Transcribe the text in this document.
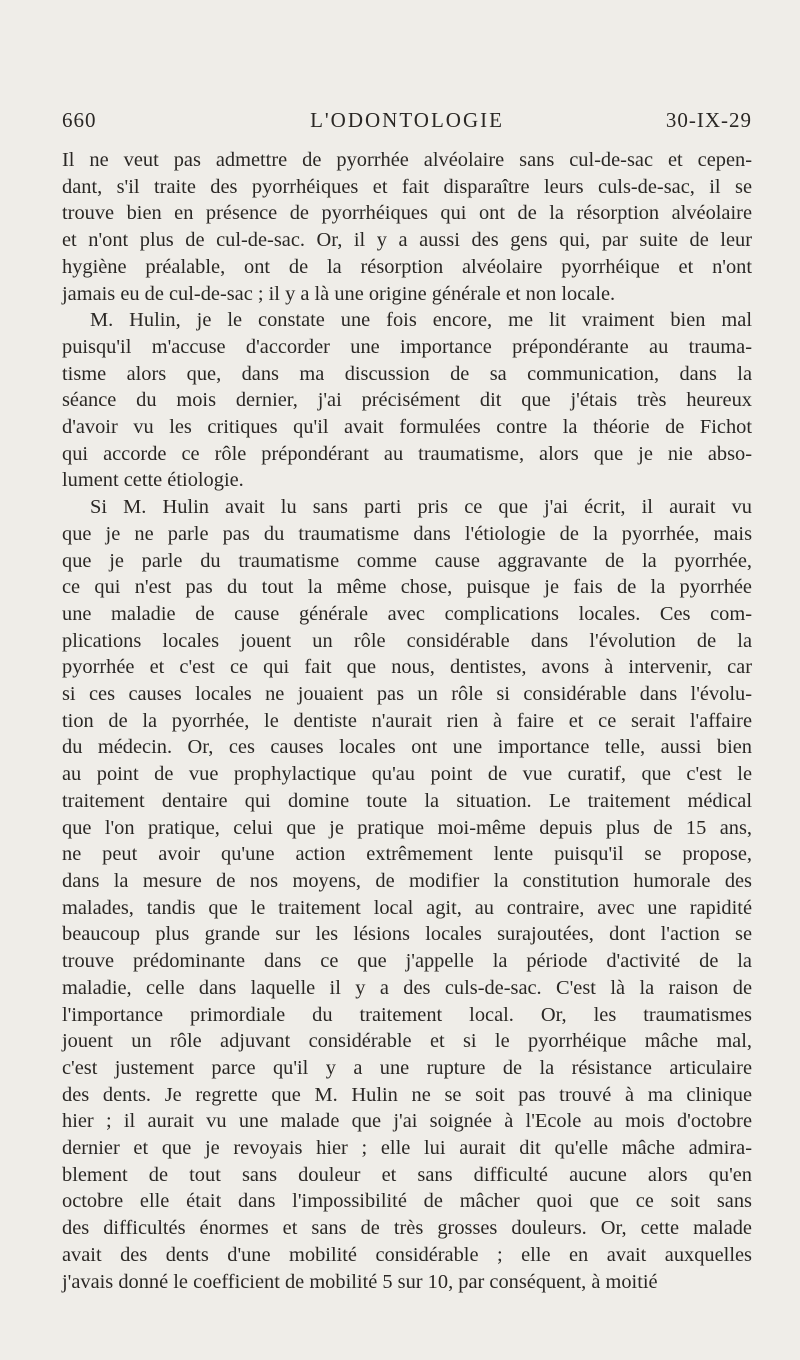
660	L'ODONTOLOGIE	30-IX-29

Il ne veut pas admettre de pyorrhée alvéolaire sans cul-de-sac et cepen-
dant, s'il traite des pyorrhéiques et fait disparaître leurs culs-de-sac, il se
trouve bien en présence de pyorrhéiques qui ont de la résorption alvéolaire
et n'ont plus de cul-de-sac. Or, il y a aussi des gens qui, par suite de leur
hygiène préalable, ont de la résorption alvéolaire pyorrhéique et n'ont
jamais eu de cul-de-sac ; il y a là une origine générale et non locale.

M. Hulin, je le constate une fois encore, me lit vraiment bien mal
puisqu'il m'accuse d'accorder une importance prépondérante au trauma-
tisme alors que, dans ma discussion de sa communication, dans la
séance du mois dernier, j'ai précisément dit que j'étais très heureux
d'avoir vu les critiques qu'il avait formulées contre la théorie de Fichot
qui accorde ce rôle prépondérant au traumatisme, alors que je nie abso-
lument cette étiologie.

Si M. Hulin avait lu sans parti pris ce que j'ai écrit, il aurait vu
que je ne parle pas du traumatisme dans l'étiologie de la pyorrhée, mais
que je parle du traumatisme comme cause aggravante de la pyorrhée,
ce qui n'est pas du tout la même chose, puisque je fais de la pyorrhée
une maladie de cause générale avec complications locales. Ces com-
plications locales jouent un rôle considérable dans l'évolution de la
pyorrhée et c'est ce qui fait que nous, dentistes, avons à intervenir, car
si ces causes locales ne jouaient pas un rôle si considérable dans l'évolu-
tion de la pyorrhée, le dentiste n'aurait rien à faire et ce serait l'affaire
du médecin. Or, ces causes locales ont une importance telle, aussi bien
au point de vue prophylactique qu'au point de vue curatif, que c'est le
traitement dentaire qui domine toute la situation. Le traitement médical
que l'on pratique, celui que je pratique moi-même depuis plus de 15 ans,
ne peut avoir qu'une action extrêmement lente puisqu'il se propose,
dans la mesure de nos moyens, de modifier la constitution humorale des
malades, tandis que le traitement local agit, au contraire, avec une rapidité
beaucoup plus grande sur les lésions locales surajoutées, dont l'action se
trouve prédominante dans ce que j'appelle la période d'activité de la
maladie, celle dans laquelle il y a des culs-de-sac. C'est là la raison de
l'importance primordiale du traitement local. Or, les traumatismes
jouent un rôle adjuvant considérable et si le pyorrhéique mâche mal,
c'est justement parce qu'il y a une rupture de la résistance articulaire
des dents. Je regrette que M. Hulin ne se soit pas trouvé à ma clinique
hier ; il aurait vu une malade que j'ai soignée à l'Ecole au mois d'octobre
dernier et que je revoyais hier ; elle lui aurait dit qu'elle mâche admira-
blement de tout sans douleur et sans difficulté aucune alors qu'en
octobre elle était dans l'impossibilité de mâcher quoi que ce soit sans
des difficultés énormes et sans de très grosses douleurs. Or, cette malade
avait des dents d'une mobilité considérable ; elle en avait auxquelles
j'avais donné le coefficient de mobilité 5 sur 10, par conséquent, à moitié
